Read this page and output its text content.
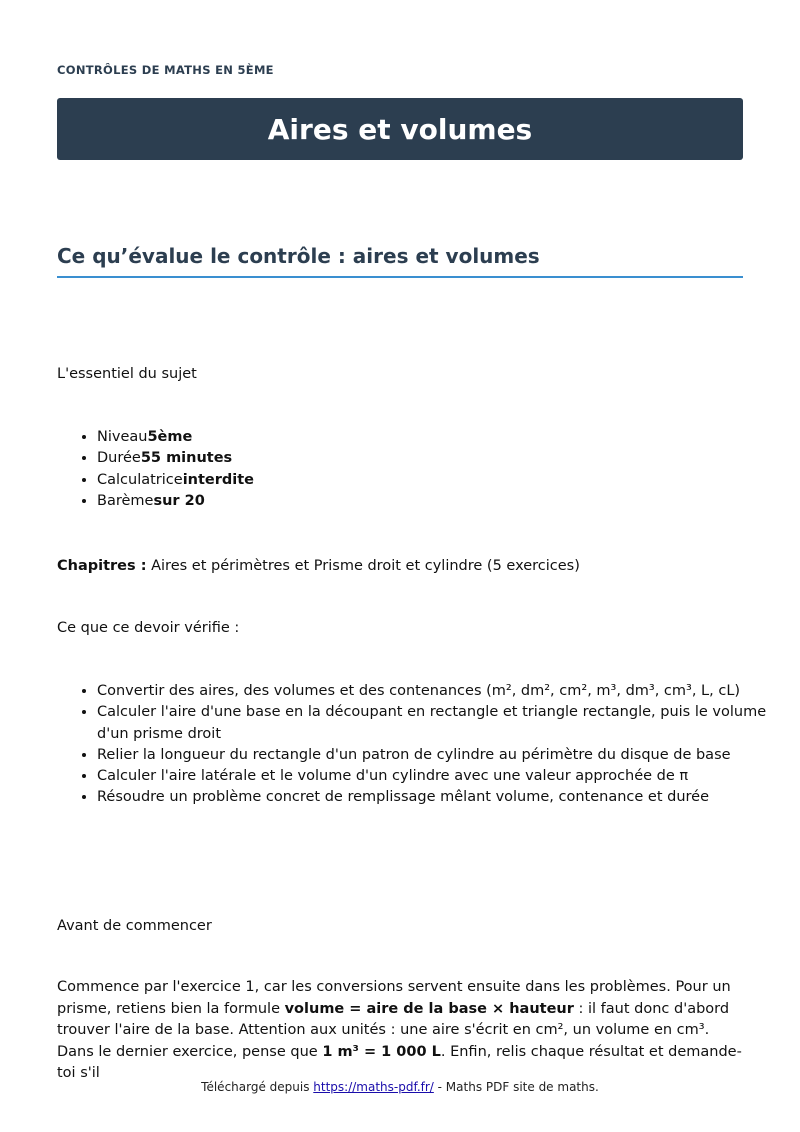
CONTRÔLES DE MATHS EN 5ÈME
Aires et volumes
Ce qu’évalue le contrôle : aires et volumes

L'essentiel du sujet

• Niveau5ème
• Durée55 minutes
• Calculatriceinterdite
• Barèmesur 20

Chapitres : Aires et périmètres et Prisme droit et cylindre (5 exercices)

Ce que ce devoir vérifie :

• Convertir des aires, des volumes et des contenances (m², dm², cm², m³, dm³, cm³, L, cL)
• Calculer l'aire d'une base en la découpant en rectangle et triangle rectangle, puis le volume d'un prisme droit
• Relier la longueur du rectangle d'un patron de cylindre au périmètre du disque de base
• Calculer l'aire latérale et le volume d'un cylindre avec une valeur approchée de π
• Résoudre un problème concret de remplissage mêlant volume, contenance et durée

Avant de commencer

Commence par l'exercice 1, car les conversions servent ensuite dans les problèmes. Pour un prisme, retiens bien la formule volume = aire de la base × hauteur : il faut donc d'abord trouver l'aire de la base. Attention aux unités : une aire s'écrit en cm², un volume en cm³. Dans le dernier exercice, pense que 1 m³ = 1 000 L. Enfin, relis chaque résultat et demande-toi s'il

Téléchargé depuis https://maths-pdf.fr/ - Maths PDF site de maths.
